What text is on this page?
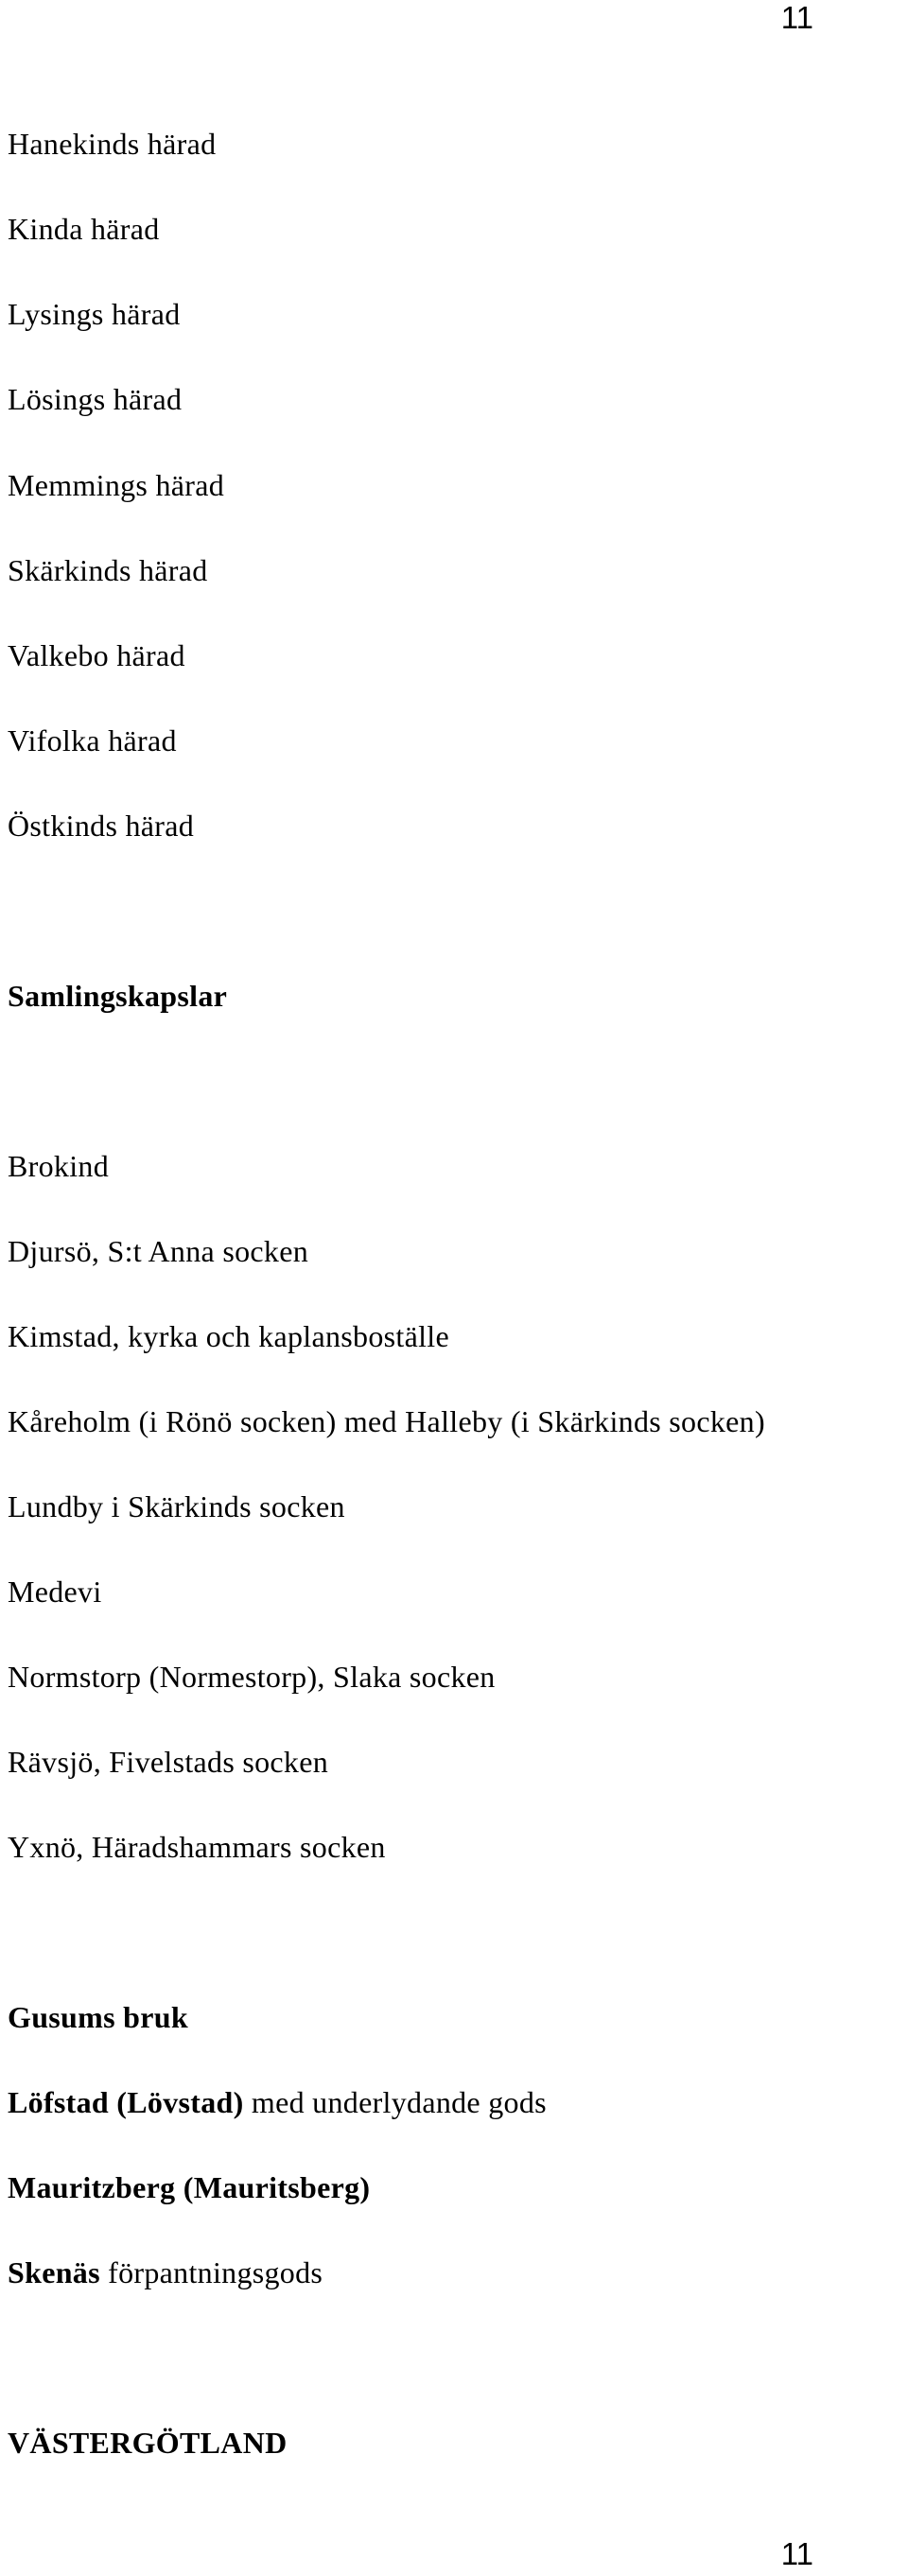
11
Hanekinds härad
Kinda härad
Lysings härad
Lösings härad
Memmings härad
Skärkinds härad
Valkebo härad
Vifolka härad
Östkinds härad
Samlingskapslar
Brokind
Djursö, S:t Anna socken
Kimstad, kyrka och kaplansboställe
Kåreholm (i Rönö socken) med Halleby (i Skärkinds socken)
Lundby i Skärkinds socken
Medevi
Normstorp (Normestorp), Slaka socken
Rävsjö, Fivelstads socken
Yxnö, Häradshammars socken
Gusums bruk
Löfstad (Lövstad) med underlydande gods
Mauritzberg (Mauritsberg)
Skenäs förpantningsgods
VÄSTERGÖTLAND
11
